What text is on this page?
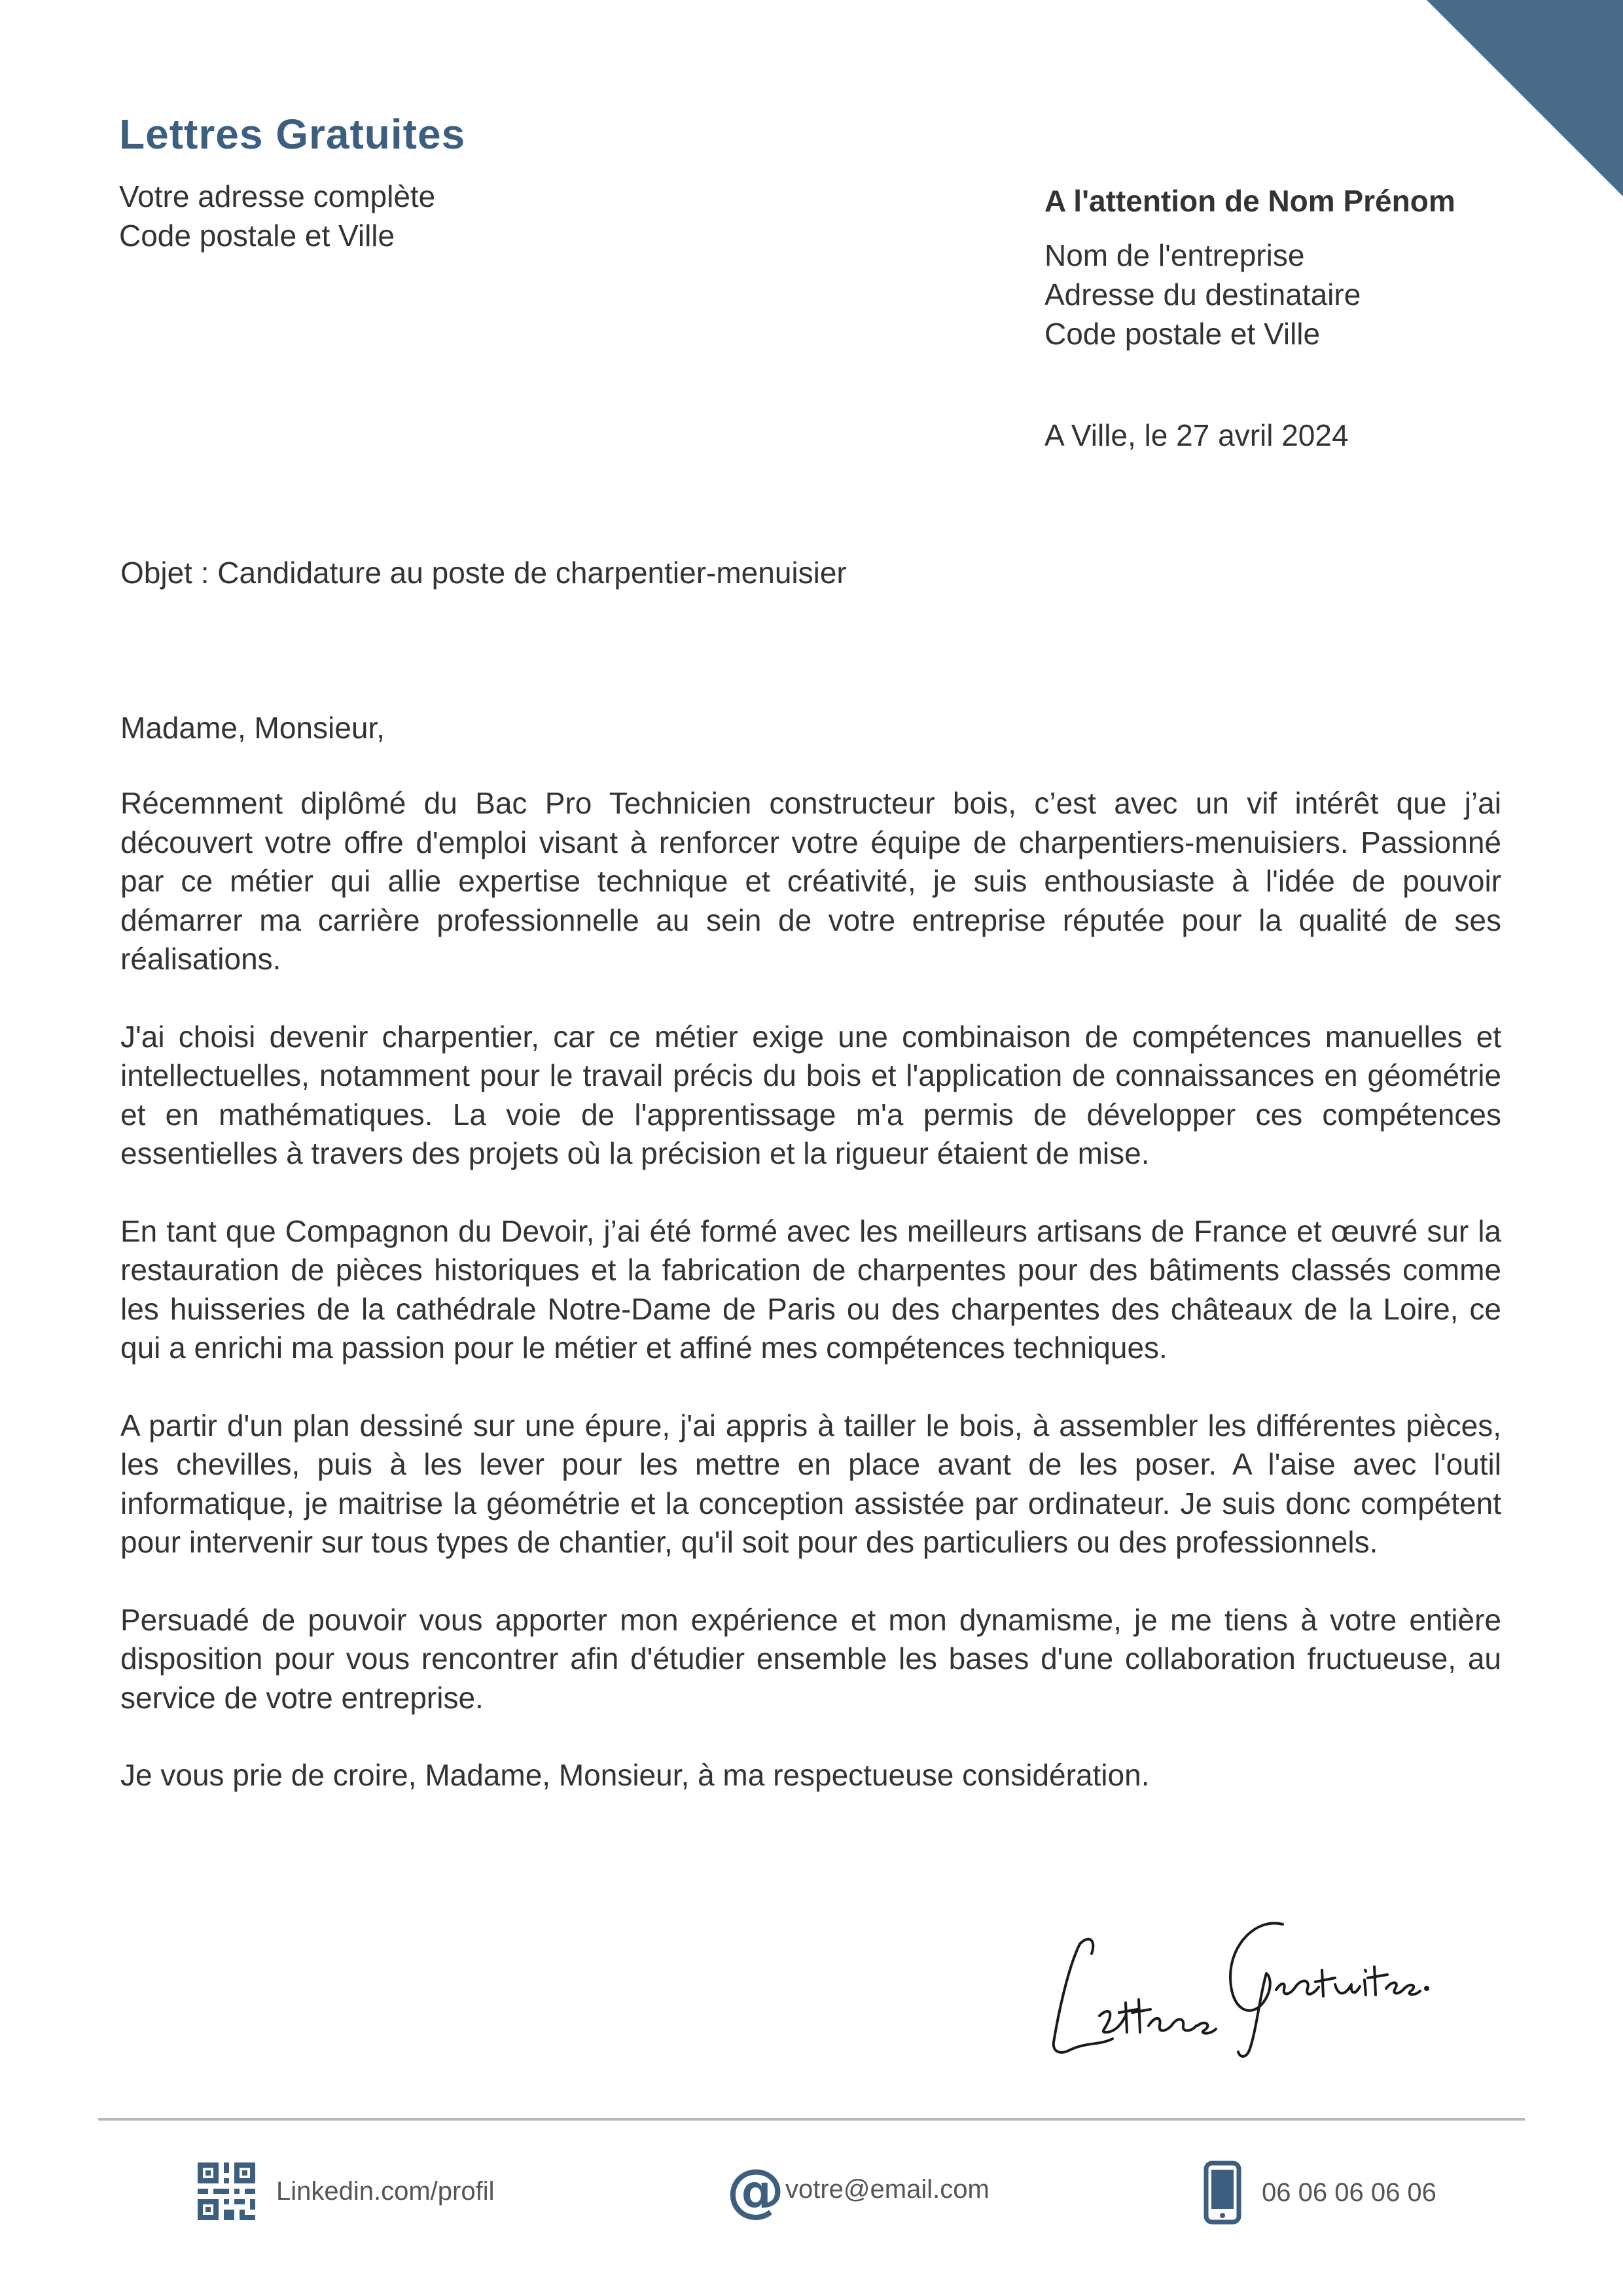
Lettres Gratuites
Votre adresse complète
Code postale et Ville
A l'attention de Nom Prénom
Nom de l'entreprise
Adresse du destinataire
Code postale et Ville
A Ville, le 27 avril 2024
Objet : Candidature au poste de charpentier-menuisier

Madame, Monsieur,

Récemment diplômé du Bac Pro Technicien constructeur bois, c’est avec un vif intérêt que j’ai découvert votre offre d'emploi visant à renforcer votre équipe de charpentiers-menuisiers. Passionné par ce métier qui allie expertise technique et créativité, je suis enthousiaste à l'idée de pouvoir démarrer ma carrière professionnelle au sein de votre entreprise réputée pour la qualité de ses réalisations.

J'ai choisi devenir charpentier, car ce métier exige une combinaison de compétences manuelles et intellectuelles, notamment pour le travail précis du bois et l'application de connaissances en géométrie et en mathématiques. La voie de l'apprentissage m'a permis de développer ces compétences essentielles à travers des projets où la précision et la rigueur étaient de mise.

En tant que Compagnon du Devoir, j’ai été formé avec les meilleurs artisans de France et œuvré sur la restauration de pièces historiques et la fabrication de charpentes pour des bâtiments classés comme les huisseries de la cathédrale Notre-Dame de Paris ou des charpentes des châteaux de la Loire, ce qui a enrichi ma passion pour le métier et affiné mes compétences techniques.

A partir d'un plan dessiné sur une épure, j'ai appris à tailler le bois, à assembler les différentes pièces, les chevilles, puis à les lever pour les mettre en place avant de les poser. A l'aise avec l'outil informatique, je maitrise la géométrie et la conception assistée par ordinateur. Je suis donc compétent pour intervenir sur tous types de chantier, qu'il soit pour des particuliers ou des professionnels.

Persuadé de pouvoir vous apporter mon expérience et mon dynamisme, je me tiens à votre entière disposition pour vous rencontrer afin d'étudier ensemble les bases d'une collaboration fructueuse, au service de votre entreprise.

Je vous prie de croire, Madame, Monsieur, à ma respectueuse considération.

Linkedin.com/profil	@ votre@email.com	06 06 06 06 06
